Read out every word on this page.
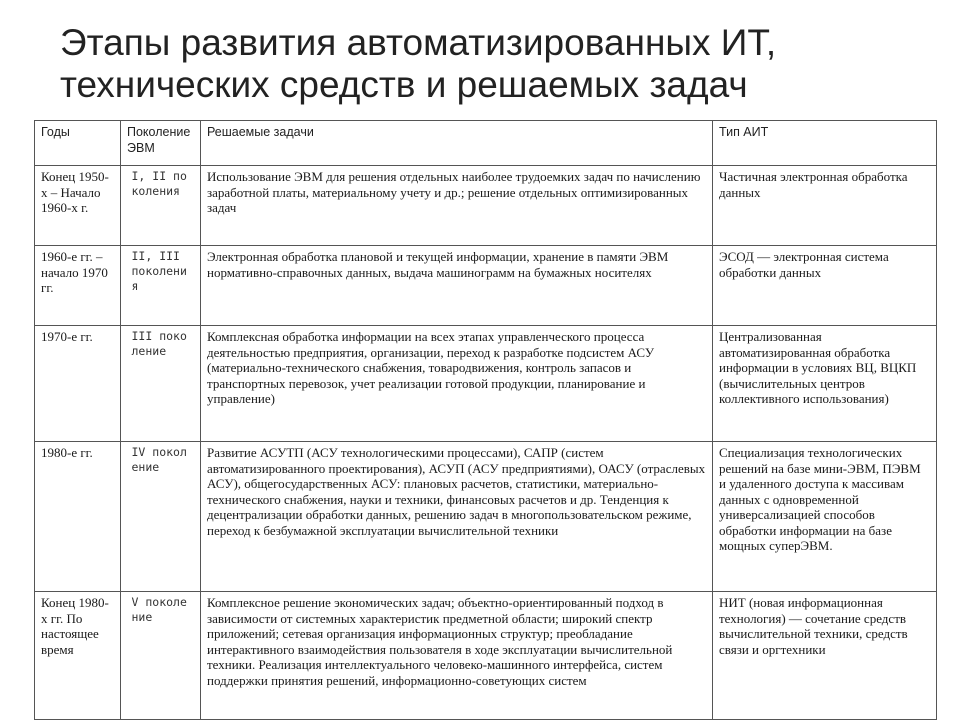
Этапы развития автоматизированных ИТ,
технических средств и решаемых задач
Годы	Поколение ЭВМ	Решаемые задачи	Тип АИТ
Конец 1950-х – Начало 1960-х г.	I, II поколения	Использование ЭВМ для решения отдельных наиболее трудоемких задач по начислению заработной платы, материальному учету и др.; решение отдельных оптимизированных задач	Частичная электронная обработка данных
1960-е гг. – начало 1970 гг.	II, III поколения	Электронная обработка плановой и текущей информации, хранение в памяти ЭВМ нормативно-справочных данных, выдача машинограмм на бумажных носителях	ЭСОД — электронная система обработки данных
1970-е гг.	III поколение	Комплексная обработка информации на всех этапах управленческого процесса деятельностью предприятия, организации, переход к разработке подсистем АСУ (материально-технического снабжения, товародвижения, контроль запасов и транспортных перевозок, учет реализации готовой продукции, планирование и управление)	Централизованная автоматизированная обработка информации в условиях ВЦ, ВЦКП (вычислительных центров коллективного использования)
1980-е гг.	IV поколение	Развитие АСУТП (АСУ технологическими процессами), САПР (систем автоматизированного проектирования), АСУП (АСУ предприятиями), ОАСУ (отраслевых АСУ), общегосударственных АСУ: плановых расчетов, статистики, материально-технического снабжения, науки и техники, финансовых расчетов и др. Тенденция к децентрализации обработки данных, решению задач в многопользовательском режиме, переход к безбумажной эксплуатации вычислительной техники	Специализация технологических решений на базе мини-ЭВМ, ПЭВМ и удаленного доступа к массивам данных с одновременной универсализацией способов обработки информации на базе мощных суперЭВМ.
Конец 1980-х гг. По настоящее время	V поколение	Комплексное решение экономических задач; объектно-ориентированный подход в зависимости от системных характеристик предметной области; широкий спектр приложений; сетевая организация информационных структур; преобладание интерактивного взаимодействия пользователя в ходе эксплуатации вычислительной техники. Реализация интеллектуального человеко-машинного интерфейса, систем поддержки принятия решений, информационно-советующих систем	НИТ (новая информационная технология) — сочетание средств вычислительной техники, средств связи и оргтехники
